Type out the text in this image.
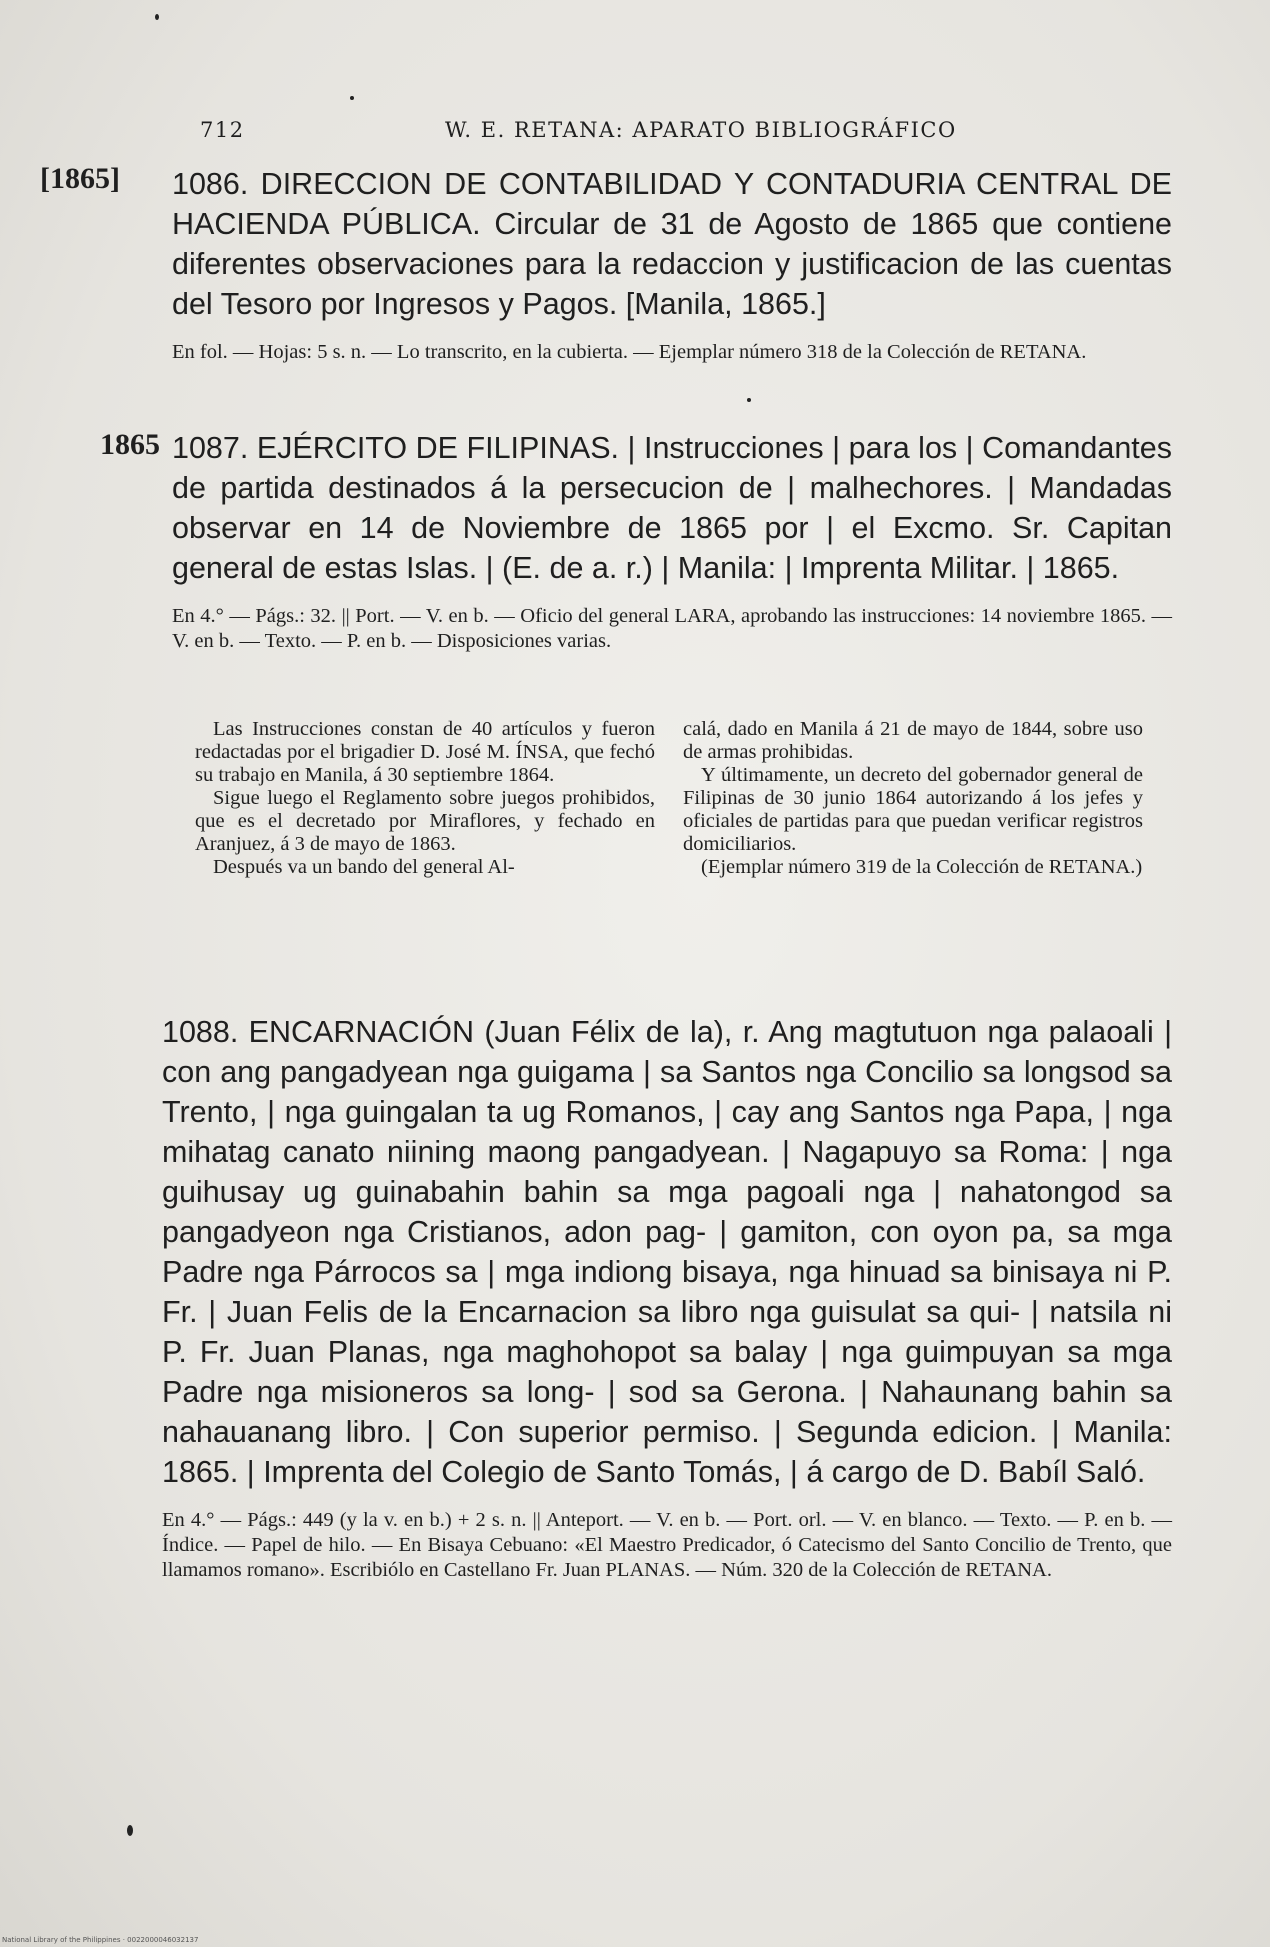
712	W. E. RETANA: APARATO BIBLIOGRÁFICO
[1865] 1086. DIRECCION DE CONTABILIDAD Y CONTADURIA CENTRAL DE HACIENDA PÚBLICA. Circular de 31 de Agosto de 1865 que contiene diferentes observaciones para la redaccion y justificacion de las cuentas del Tesoro por Ingresos y Pagos. [Manila, 1865.]

En fol. — Hojas: 5 s. n. — Lo transcrito, en la cubierta. — Ejemplar número 318 de la Colección de RETANA.

1865 1087. EJÉRCITO DE FILIPINAS. | Instrucciones | para los | Comandantes de partida destinados á la persecucion de | malhechores. | Mandadas observar en 14 de Noviembre de 1865 por | el Excmo. Sr. Capitan general de estas Islas. | (E. de a. r.) | Manila: | Imprenta Militar. | 1865.

En 4.° — Págs.: 32. || Port. — V. en b. — Oficio del general LARA, aprobando las instrucciones: 14 noviembre 1865. — V. en b. — Texto. — P. en b. — Disposiciones varias.

Las Instrucciones constan de 40 artículos y fueron redactadas por el brigadier D. José M. ÍNSA, que fechó su trabajo en Manila, á 30 septiembre 1864.

Sigue luego el Reglamento sobre juegos prohibidos, que es el decretado por Miraflores, y fechado en Aranjuez, á 3 de mayo de 1863.

Después va un bando del general Al-

calá, dado en Manila á 21 de mayo de 1844, sobre uso de armas prohibidas.

Y últimamente, un decreto del gobernador general de Filipinas de 30 junio 1864 autorizando á los jefes y oficiales de partidas para que puedan verificar registros domiciliarios.

(Ejemplar número 319 de la Colección de RETANA.)

1088. ENCARNACIÓN (Juan Félix de la), r. Ang magtutuon nga palaoali | con ang pangadyean nga guigama | sa Santos nga Concilio sa longsod sa Trento, | nga guingalan ta ug Romanos, | cay ang Santos nga Papa, | nga mihatag canato niining maong pangadyean. | Nagapuyo sa Roma: | nga guihusay ug guinabahin bahin sa mga pagoali nga | nahatongod sa pangadyeon nga Cristianos, adon pag- | gamiton, con oyon pa, sa mga Padre nga Párrocos sa | mga indiong bisaya, nga hinuad sa binisaya ni P. Fr. | Juan Felis de la Encarnacion sa libro nga guisulat sa qui- | natsila ni P. Fr. Juan Planas, nga maghohopot sa balay | nga guimpuyan sa mga Padre nga misioneros sa long- | sod sa Gerona. | Nahaunang bahin sa nahauanang libro. | Con superior permiso. | Segunda edicion. | Manila: 1865. | Imprenta del Colegio de Santo Tomás, | á cargo de D. Babíl Saló.

En 4.° — Págs.: 449 (y la v. en b.) + 2 s. n. || Anteport. — V. en b. — Port. orl. — V. en blanco. — Texto. — P. en b. — Índice. — Papel de hilo. — En Bisaya Cebuano: «El Maestro Predicador, ó Catecismo del Santo Concilio de Trento, que llamamos romano». Escribiólo en Castellano Fr. Juan PLANAS. — Núm. 320 de la Colección de RETANA.

National Library of the Philippines · 0022000046032137
